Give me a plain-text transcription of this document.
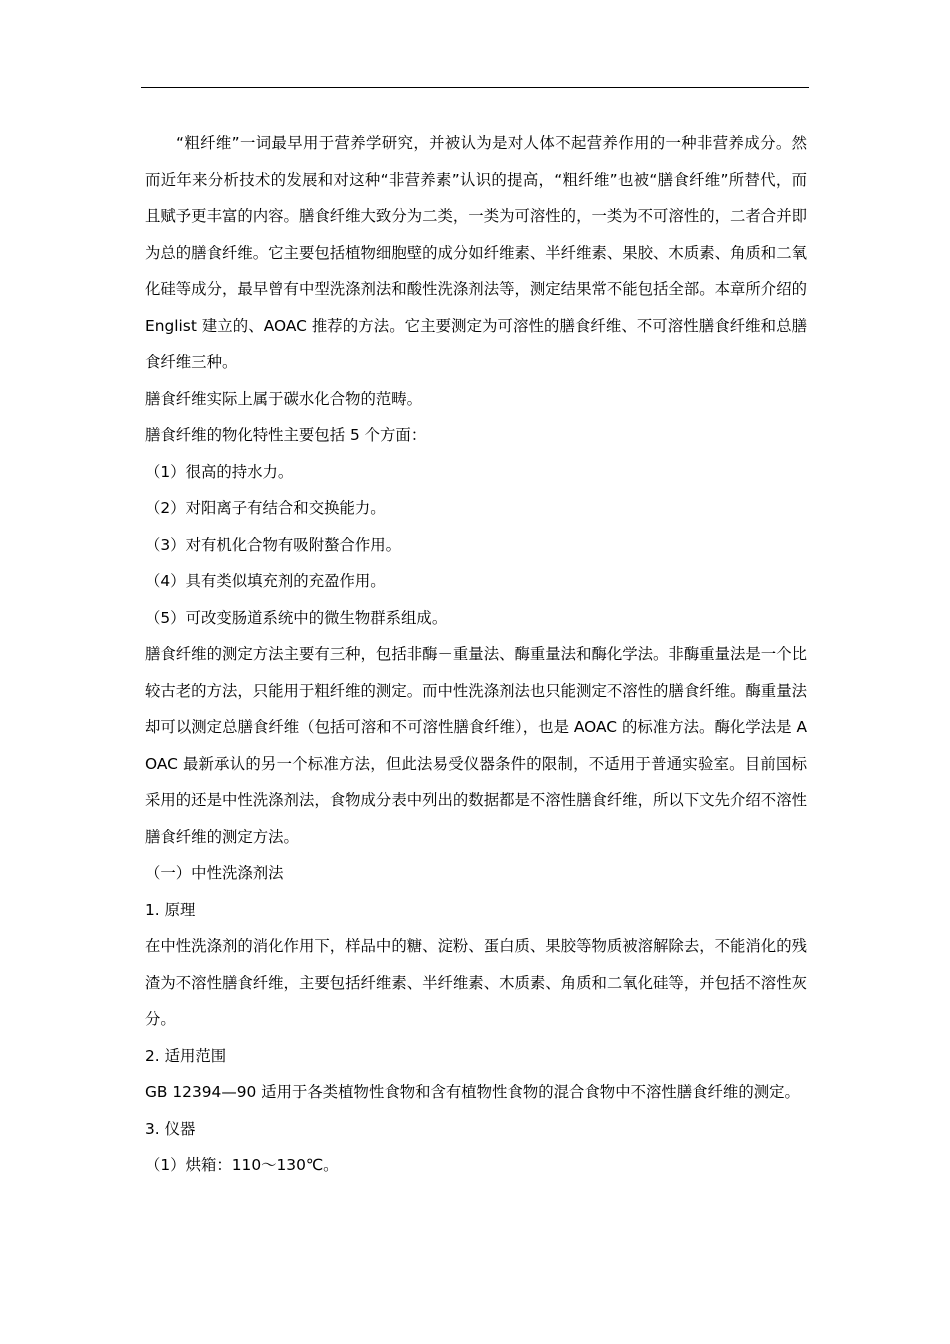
“粗纤维”一词最早用于营养学研究，并被认为是对人体不起营养作用的一种非营养成分。然而近年来分析技术的发展和对这种“非营养素”认识的提高，“粗纤维”也被“膳食纤维”所替代，而且赋予更丰富的内容。膳食纤维大致分为二类，一类为可溶性的，一类为不可溶性的，二者合并即为总的膳食纤维。它主要包括植物细胞壁的成分如纤维素、半纤维素、果胶、木质素、角质和二氧化硅等成分，最早曾有中型洗涤剂法和酸性洗涤剂法等，测定结果常不能包括全部。本章所介绍的 Englist 建立的、AOAC 推荐的方法。它主要测定为可溶性的膳食纤维、不可溶性膳食纤维和总膳食纤维三种。

膳食纤维实际上属于碳水化合物的范畴。

膳食纤维的物化特性主要包括 5 个方面：

（1）很高的持水力。

（2）对阳离子有结合和交换能力。

（3）对有机化合物有吸附螯合作用。

（4）具有类似填充剂的充盈作用。

（5）可改变肠道系统中的微生物群系组成。

膳食纤维的测定方法主要有三种，包括非酶－重量法、酶重量法和酶化学法。非酶重量法是一个比较古老的方法，只能用于粗纤维的测定。而中性洗涤剂法也只能测定不溶性的膳食纤维。酶重量法却可以测定总膳食纤维（包括可溶和不可溶性膳食纤维），也是 AOAC 的标准方法。酶化学法是 AOAC 最新承认的另一个标准方法，但此法易受仪器条件的限制，不适用于普通实验室。目前国标采用的还是中性洗涤剂法，食物成分表中列出的数据都是不溶性膳食纤维，所以下文先介绍不溶性膳食纤维的测定方法。

（一）中性洗涤剂法

1. 原理

在中性洗涤剂的消化作用下，样品中的糖、淀粉、蛋白质、果胶等物质被溶解除去，不能消化的残渣为不溶性膳食纤维，主要包括纤维素、半纤维素、木质素、角质和二氧化硅等，并包括不溶性灰分。

2. 适用范围

GB 12394—90 适用于各类植物性食物和含有植物性食物的混合食物中不溶性膳食纤维的测定。

3. 仪器

（1）烘箱：110～130℃。
